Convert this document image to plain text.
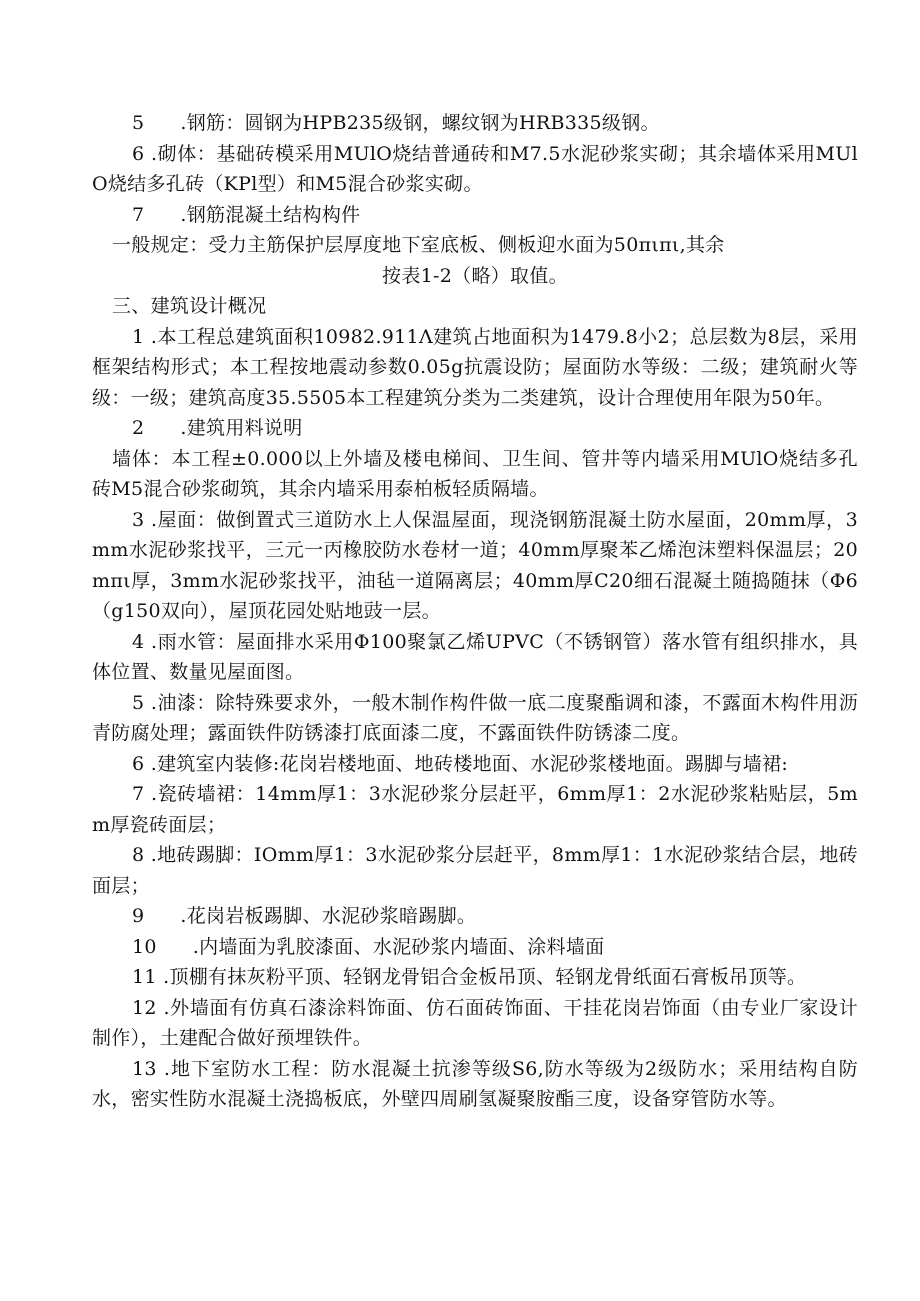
5 .钢筋：圆钢为HPB235级钢，螺纹钢为HRB335级钢。

6 .砌体：基础砖模采用MUlO烧结普通砖和M7.5水泥砂浆实砌；其余墙体采用MUlO烧结多孔砖（KPl型）和M5混合砂浆实砌。

7 .钢筋混凝土结构构件

一般规定：受力主筋保护层厚度地下室底板、侧板迎水面为50πιπι,其余

按表1-2（略）取值。

三、建筑设计概况

1 .本工程总建筑面积10982.911Λ建筑占地面积为1479.8小2；总层数为8层，采用框架结构形式；本工程按地震动参数0.05g抗震设防；屋面防水等级：二级；建筑耐火等级：一级；建筑高度35.5505本工程建筑分类为二类建筑，设计合理使用年限为50年。

2 .建筑用料说明

墙体：本工程±0.000以上外墙及楼电梯间、卫生间、管井等内墙采用MUlO烧结多孔砖M5混合砂浆砌筑，其余内墙采用泰柏板轻质隔墙。

3 .屋面：做倒置式三道防水上人保温屋面，现浇钢筋混凝土防水屋面，20mm厚，3mm水泥砂浆找平，三元一丙橡胶防水卷材一道；40mm厚聚苯乙烯泡沫塑料保温层；20mπι厚，3mm水泥砂浆找平，油毡一道隔离层；40mm厚C20细石混凝土随捣随抹（Φ6（g150双向），屋顶花园处贴地豉一层。

4 .雨水管：屋面排水采用Φ100聚氯乙烯UPVC（不锈钢管）落水管有组织排水，具体位置、数量见屋面图。

5 .油漆：除特殊要求外，一般木制作构件做一底二度聚酯调和漆，不露面木构件用沥青防腐处理；露面铁件防锈漆打底面漆二度，不露面铁件防锈漆二度。

6 .建筑室内装修:花岗岩楼地面、地砖楼地面、水泥砂浆楼地面。踢脚与墙裙:

7 .瓷砖墙裙：14mm厚1：3水泥砂浆分层赶平，6mm厚1：2水泥砂浆粘贴层，5mm厚瓷砖面层；

8 .地砖踢脚：IOmm厚1：3水泥砂浆分层赶平，8mm厚1：1水泥砂浆结合层，地砖面层；

9 .花岗岩板踢脚、水泥砂浆暗踢脚。

10 .内墙面为乳胶漆面、水泥砂浆内墙面、涂料墙面

11 .顶棚有抹灰粉平顶、轻钢龙骨铝合金板吊顶、轻钢龙骨纸面石膏板吊顶等。

12 .外墙面有仿真石漆涂料饰面、仿石面砖饰面、干挂花岗岩饰面（由专业厂家设计制作），土建配合做好预埋铁件。

13 .地下室防水工程：防水混凝土抗渗等级S6,防水等级为2级防水；采用结构自防水，密实性防水混凝土浇捣板底，外壁四周刷氢凝聚胺酯三度，设备穿管防水等。
